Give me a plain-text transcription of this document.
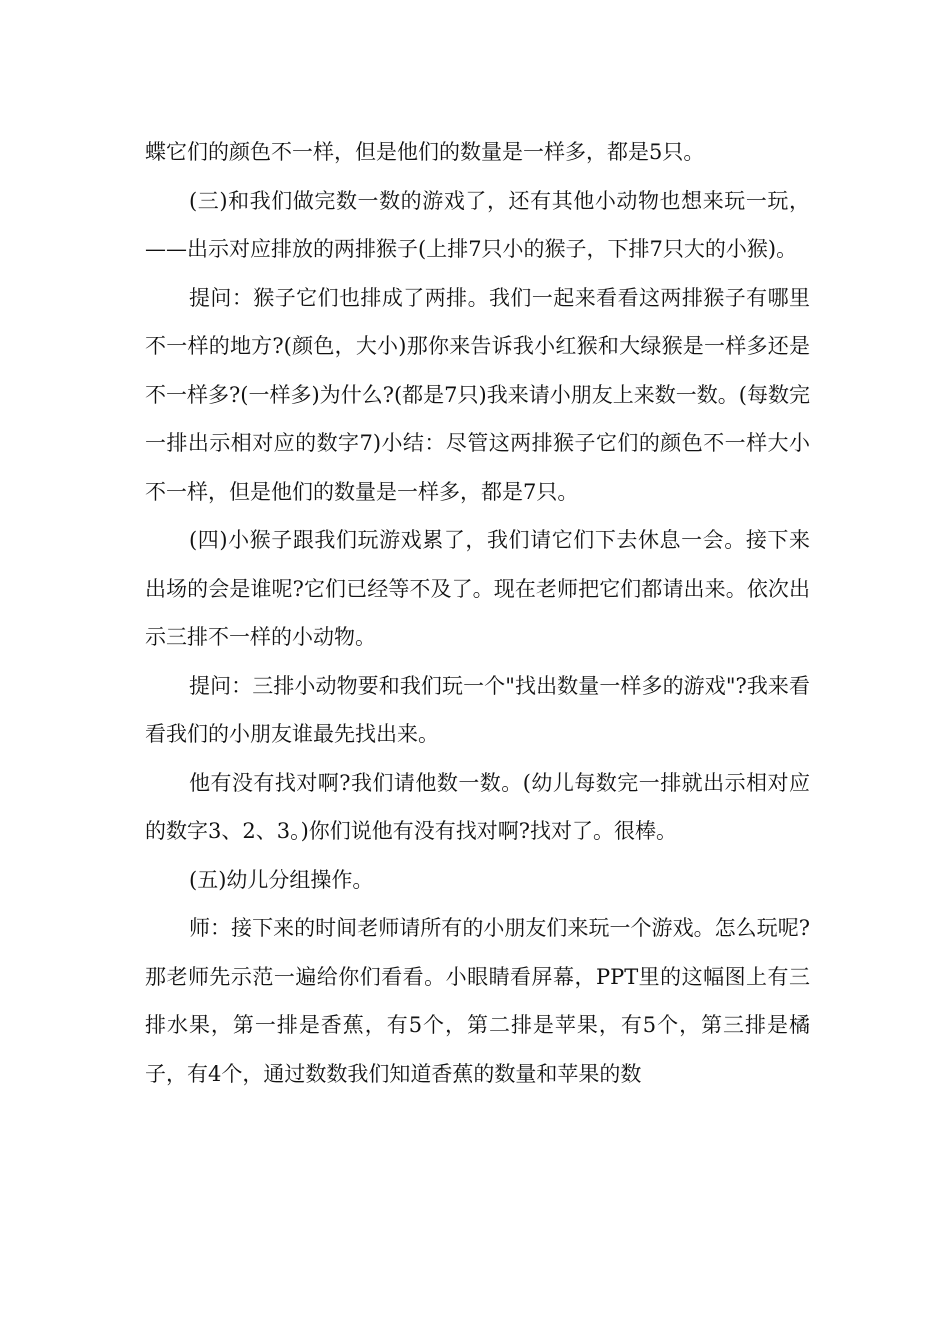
蝶它们的颜色不一样，但是他们的数量是一样多，都是5只。

(三)和我们做完数一数的游戏了，还有其他小动物也想来玩一玩，——出示对应排放的两排猴子(上排7只小的猴子，下排7只大的小猴)。

提问：猴子它们也排成了两排。我们一起来看看这两排猴子有哪里不一样的地方?(颜色，大小)那你来告诉我小红猴和大绿猴是一样多还是不一样多?(一样多)为什么?(都是7只)我来请小朋友上来数一数。(每数完一排出示相对应的数字7)小结：尽管这两排猴子它们的颜色不一样大小不一样，但是他们的数量是一样多，都是7只。

(四)小猴子跟我们玩游戏累了，我们请它们下去休息一会。接下来出场的会是谁呢?它们已经等不及了。现在老师把它们都请出来。依次出示三排不一样的小动物。

提问：三排小动物要和我们玩一个"找出数量一样多的游戏"?我来看看我们的小朋友谁最先找出来。

他有没有找对啊?我们请他数一数。(幼儿每数完一排就出示相对应的数字3、2、3。)你们说他有没有找对啊?找对了。很棒。

(五)幼儿分组操作。

师：接下来的时间老师请所有的小朋友们来玩一个游戏。怎么玩呢?那老师先示范一遍给你们看看。小眼睛看屏幕，PPT里的这幅图上有三排水果，第一排是香蕉，有5个，第二排是苹果，有5个，第三排是橘子，有4个，通过数数我们知道香蕉的数量和苹果的数
